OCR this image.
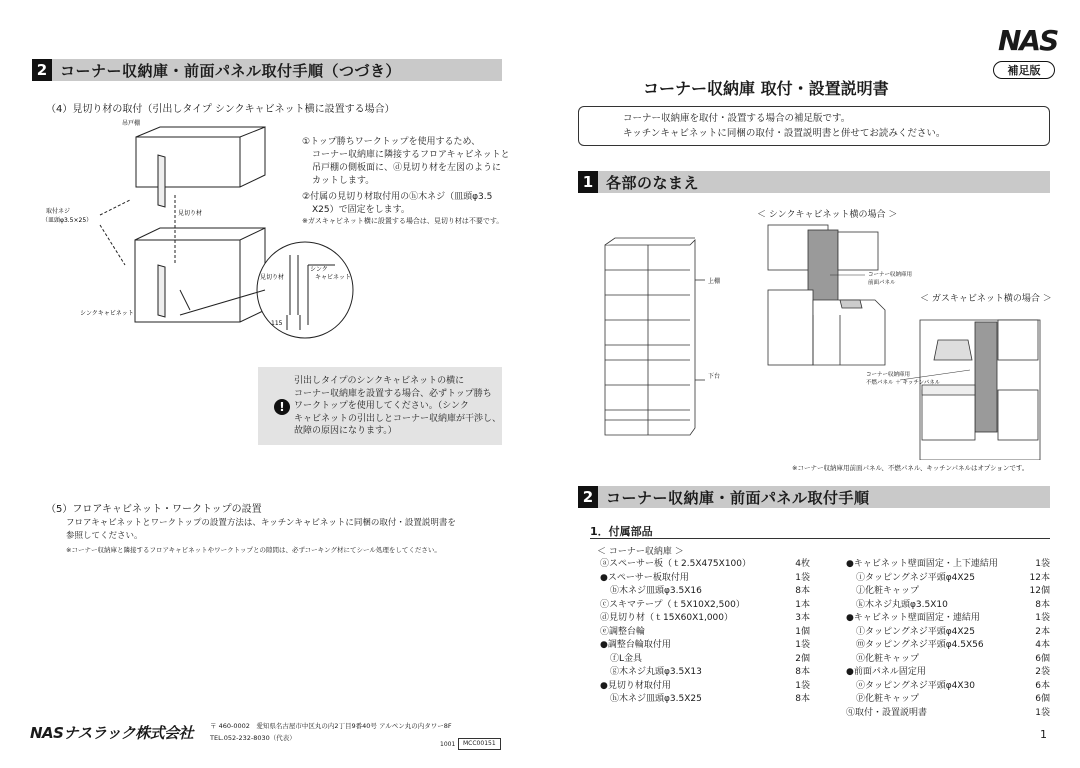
2 コーナー収納庫・前面パネル取付手順（つづき）
（4）見切り材の取付（引出しタイプ シンクキャビネット横に設置する場合）
吊戸棚
取付ネジ
（皿頭φ3.5×25）
見切り材
シンクキャビネット
見切り材
シンク
キャビネット
115
①トップ勝ちワークトップを使用するため、
コーナー収納庫に隣接するフロアキャビネットと
吊戸棚の側板面に、ⓓ見切り材を左図のように
カットします。
②付属の見切り材取付用のⓗ木ネジ（皿頭φ3.5
X25）で固定をします。
※ガスキャビネット横に設置する場合は、見切り材は不要です。
!
引出しタイプのシンクキャビネットの横に
コーナー収納庫を設置する場合、必ずトップ勝ち
ワークトップを使用してください。（シンク
キャビネットの引出しとコーナー収納庫が干渉し、
故障の原因になります。）
（5）フロアキャビネット・ワークトップの設置
フロアキャビネットとワークトップの設置方法は、キッチンキャビネットに同梱の取付・設置説明書を
参照してください。
※コーナー収納庫と隣接するフロアキャビネットやワークトップとの隙間は、必ずコーキング材にてシール処理をしてください。
NASナスラック株式会社	〒 460-0002　愛知県名古屋市中区丸の内2丁目9番40号 アルペン丸の内タワー8F
TEL.052-232-8030（代表）
1001	MCC00151
NAS
補足版
コーナー収納庫 取付・設置説明書
コーナー収納庫を取付・設置する場合の補足版です。
キッチンキャビネットに同梱の取付・設置説明書と併せてお読みください。
1 各部のなまえ
＜ シンクキャビネット横の場合 ＞
＜ ガスキャビネット横の場合 ＞
上棚
下台
コーナー収納庫用
前面パネル
コーナー収納庫用
不燃パネル ＋ キッチンパネル
※コーナー収納庫用前面パネル、不燃パネル、キッチンパネルはオプションです。
2 コーナー収納庫・前面パネル取付手順
1．付属部品
＜ コーナー収納庫 ＞
ⓐスペーサー板（ｔ2.5X475X100）	4枚
●スペーサー板取付用	1袋
ⓑ木ネジ皿頭φ3.5X16	8本
ⓒスキマテープ（ｔ5X10X2,500）	1本
ⓓ見切り材（ｔ15X60X1,000）	3本
ⓔ調整台輪	1個
●調整台輪取付用	1袋
ⓕL金具	2個
ⓖ木ネジ丸頭φ3.5X13	8本
●見切り材取付用	1袋
ⓗ木ネジ皿頭φ3.5X25	8本
●キャビネット壁面固定・上下連結用	1袋
ⓘタッピングネジ平頭φ4X25	12本
ⓙ化粧キャップ	12個
ⓚ木ネジ丸頭φ3.5X10	8本
●キャビネット壁面固定・連結用	1袋
ⓛタッピングネジ平頭φ4X25	2本
ⓜタッピングネジ平頭φ4.5X56	4本
ⓝ化粧キャップ	6個
●前面パネル固定用	2袋
ⓞタッピングネジ平頭φ4X30	6本
ⓟ化粧キャップ	6個
ⓠ取付・設置説明書	1袋
1
